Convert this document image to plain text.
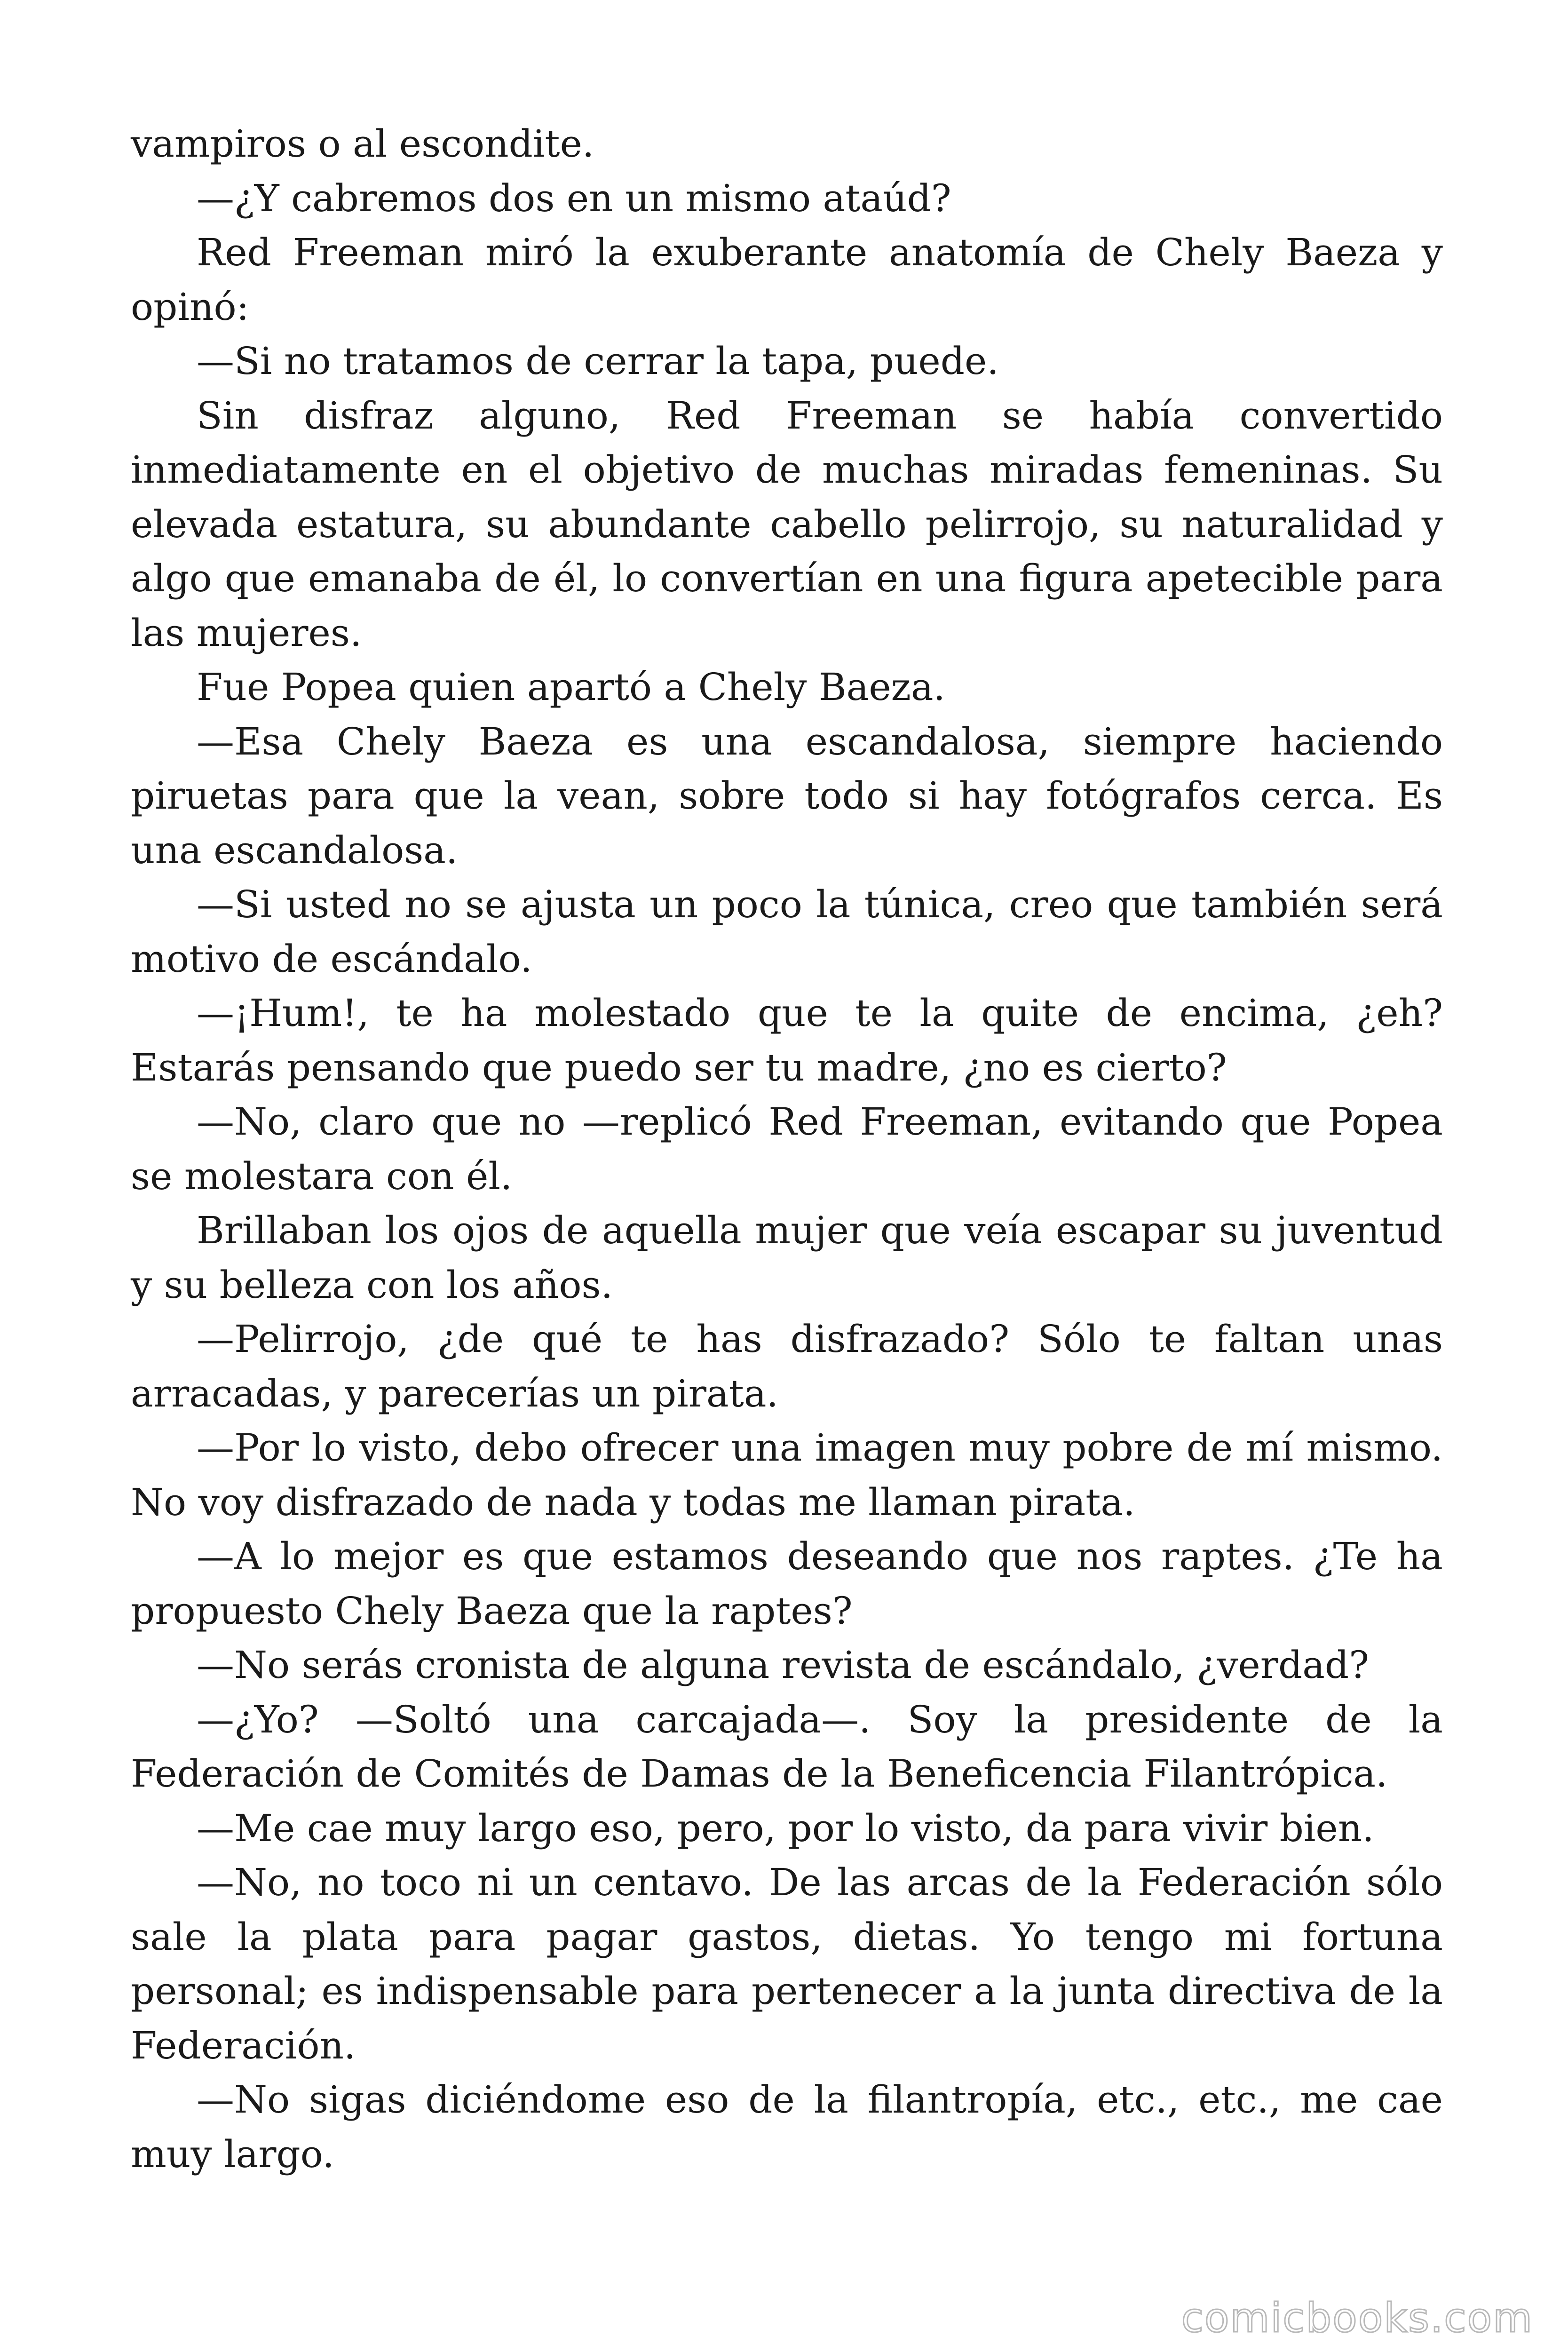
vampiros o al escondite.

—¿Y cabremos dos en un mismo ataúd?

Red Freeman miró la exuberante anatomía de Chely Baeza y opinó:

—Si no tratamos de cerrar la tapa, puede.

Sin disfraz alguno, Red Freeman se había convertido inmediatamente en el objetivo de muchas miradas femeninas. Su elevada estatura, su abundante cabello pelirrojo, su naturalidad y algo que emanaba de él, lo convertían en una figura apetecible para las mujeres.

Fue Popea quien apartó a Chely Baeza.

—Esa Chely Baeza es una escandalosa, siempre haciendo piruetas para que la vean, sobre todo si hay fotógrafos cerca. Es una escandalosa.

—Si usted no se ajusta un poco la túnica, creo que también será motivo de escándalo.

—¡Hum!, te ha molestado que te la quite de encima, ¿eh? Estarás pensando que puedo ser tu madre, ¿no es cierto?

—No, claro que no —replicó Red Freeman, evitando que Popea se molestara con él.

Brillaban los ojos de aquella mujer que veía escapar su juventud y su belleza con los años.

—Pelirrojo, ¿de qué te has disfrazado? Sólo te faltan unas arracadas, y parecerías un pirata.

—Por lo visto, debo ofrecer una imagen muy pobre de mí mismo. No voy disfrazado de nada y todas me llaman pirata.

—A lo mejor es que estamos deseando que nos raptes. ¿Te ha propuesto Chely Baeza que la raptes?

—No serás cronista de alguna revista de escándalo, ¿verdad?

—¿Yo? —Soltó una carcajada—. Soy la presidente de la Federación de Comités de Damas de la Beneficencia Filantrópica.

—Me cae muy largo eso, pero, por lo visto, da para vivir bien.

—No, no toco ni un centavo. De las arcas de la Federación sólo sale la plata para pagar gastos, dietas. Yo tengo mi fortuna personal; es indispensable para pertenecer a la junta directiva de la Federación.

—No sigas diciéndome eso de la filantropía, etc., etc., me cae muy largo.

comicbooks.com
